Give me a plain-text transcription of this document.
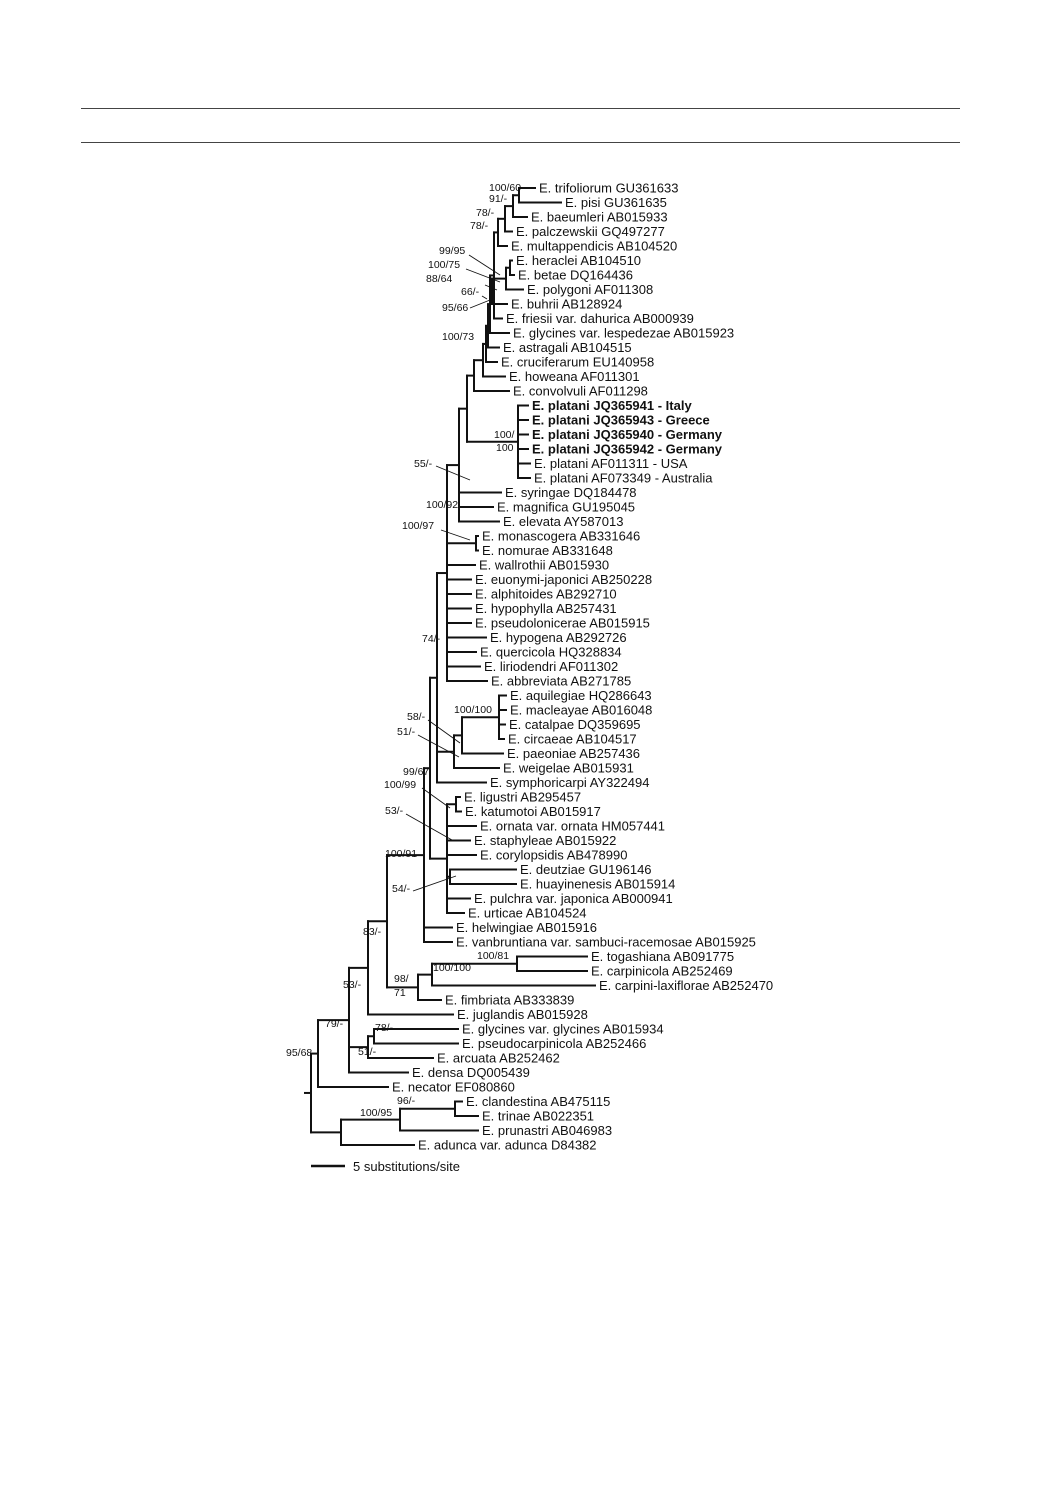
E. trifoliorum GU361633
E. pisi GU361635
E. baeumleri AB015933
E. palczewskii GQ497277
E. multappendicis AB104520
E. heraclei AB104510
E. betae DQ164436
E. polygoni AF011308
E. buhrii AB128924
E. friesii var. dahurica AB000939
E. glycines var. lespedezae AB015923
E. astragali AB104515
E. cruciferarum EU140958
E. howeana AF011301
E. convolvuli AF011298
E. platani JQ365941 - Italy
E. platani JQ365943 - Greece
E. platani JQ365940 - Germany
E. platani JQ365942 - Germany
E. platani AF011311 - USA
E. platani AF073349 - Australia
E. syringae DQ184478
E. magnifica GU195045
E. elevata AY587013
E. monascogera AB331646
E. nomurae AB331648
E. wallrothii AB015930
E. euonymi-japonici AB250228
E. alphitoides AB292710
E. hypophylla AB257431
E. pseudolonicerae AB015915
E. hypogena AB292726
E. quercicola HQ328834
E. liriodendri AF011302
E. abbreviata AB271785
E. aquilegiae HQ286643
E. macleayae AB016048
E. catalpae DQ359695
E. circaeae AB104517
E. paeoniae AB257436
E. weigelae AB015931
E. symphoricarpi AY322494
E. ligustri AB295457
E. katumotoi AB015917
E. ornata var. ornata HM057441
E. staphyleae AB015922
E. corylopsidis AB478990
E. deutziae GU196146
E. huayinenesis AB015914
E. pulchra var. japonica AB000941
E. urticae AB104524
E. helwingiae AB015916
E. vanbruntiana var. sambuci-racemosae AB015925
E. togashiana AB091775
E. carpinicola AB252469
E. carpini-laxiflorae AB252470
E. fimbriata AB333839
E. juglandis AB015928
E. glycines var. glycines AB015934
E. pseudocarpinicola AB252466
E. arcuata AB252462
E. densa DQ005439
E. necator EF080860
E. clandestina AB475115
E. trinae AB022351
E. prunastri AB046983
E. adunca var. adunca D84382
100/60
91/-
78/-
78/-
99/95
100/75
88/64
66/-
95/66
100/73
100/
100
55/-
100/92
100/97
74/-
100/100
58/-
51/-
99/67
100/99
53/-
100/91
54/-
83/-
100/81
100/100
98/
71
53/-
79/-	78/-
51/-
95/68
96/-
100/95
5 substitutions/site
